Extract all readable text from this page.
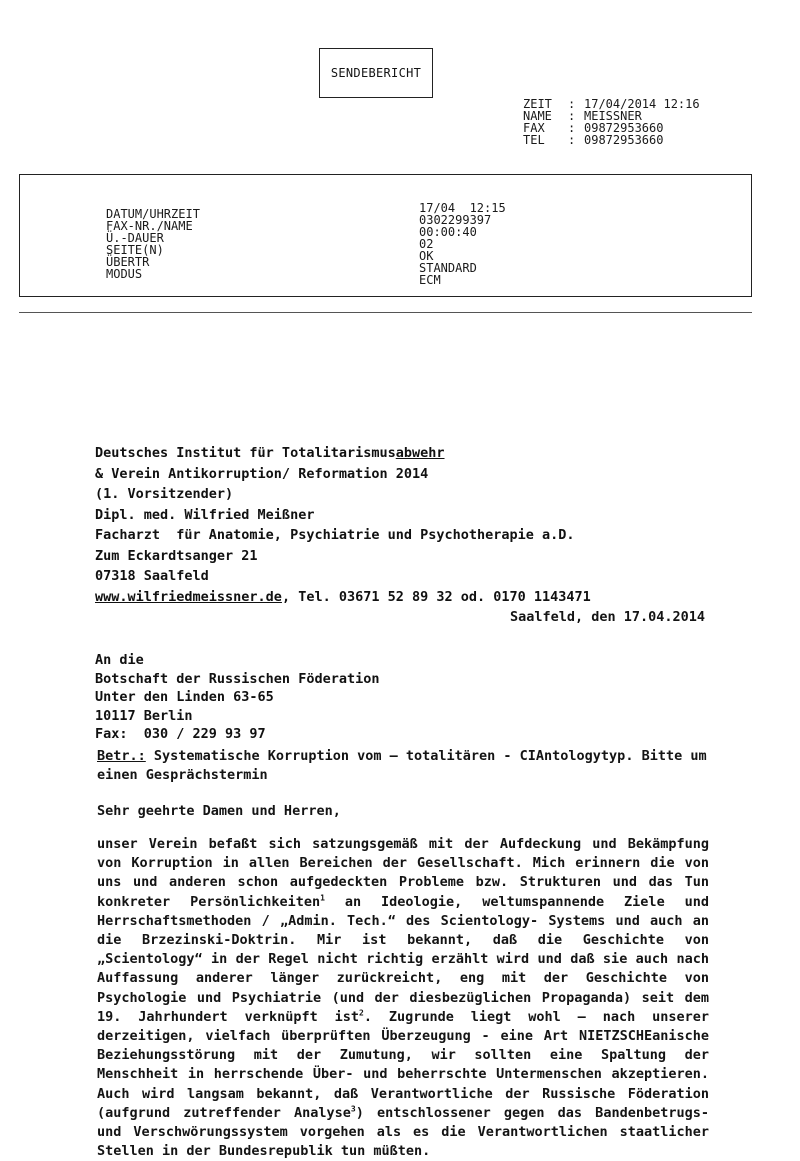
SENDEBERICHT
ZEIT
NAME
FAX
TEL
:
:
:
:
17/04/2014 12:16
MEISSNER
09872953660
09872953660
DATUM/UHRZEIT
FAX-NR./NAME
Ü.-DAUER
SEITE(N)
ÜBERTR
MODUS
17/04  12:15
0302299397
00:00:40
02
OK
STANDARD
ECM
Deutsches Institut für Totalitarismusabwehr
& Verein Antikorruption/ Reformation 2014
(1. Vorsitzender)
Dipl. med. Wilfried Meißner
Facharzt  für Anatomie, Psychiatrie und Psychotherapie a.D.
Zum Eckardtsanger 21
07318 Saalfeld
www.wilfriedmeissner.de, Tel. 03671 52 89 32 od. 0170 1143471
Saalfeld, den 17.04.2014
An die
Botschaft der Russischen Föderation
Unter den Linden 63-65
10117 Berlin
Fax:  030 / 229 93 97
Betr.: Systematische Korruption vom – totalitären - CIAntologytyp. Bitte um einen Gesprächstermin
Sehr geehrte Damen und Herren,
unser Verein befaßt sich satzungsgemäß mit der Aufdeckung und Bekämpfung von Korruption in allen Bereichen der Gesellschaft. Mich erinnern die von uns und anderen schon aufgedeckten Probleme bzw. Strukturen und das Tun konkreter Persönlichkeiten$^1$ an Ideologie, weltumspannende Ziele und Herrschaftsmethoden / „Admin. Tech.“ des Scientology- Systems und auch an die Brzezinski-Doktrin. Mir ist bekannt, daß die Geschichte von „Scientology“ in der Regel nicht richtig erzählt wird und daß sie auch nach Auffassung anderer länger zurückreicht, eng mit der Geschichte von Psychologie und Psychiatrie (und der diesbezüglichen Propaganda) seit dem 19. Jahrhundert verknüpft ist$^2$. Zugrunde liegt wohl – nach unserer derzeitigen, vielfach überprüften Überzeugung - eine Art NIETZSCHEanische Beziehungsstörung mit der Zumutung, wir sollten eine Spaltung der Menschheit in herrschende Über- und beherrschte Untermenschen akzeptieren. Auch wird langsam bekannt, daß Verantwortliche der Russische Föderation (aufgrund zutreffender Analyse$^3$) entschlossener gegen das Bandenbetrugs- und Verschwörungssystem vorgehen als es die Verantwortlichen staatlicher Stellen in der Bundesrepublik tun müßten.
